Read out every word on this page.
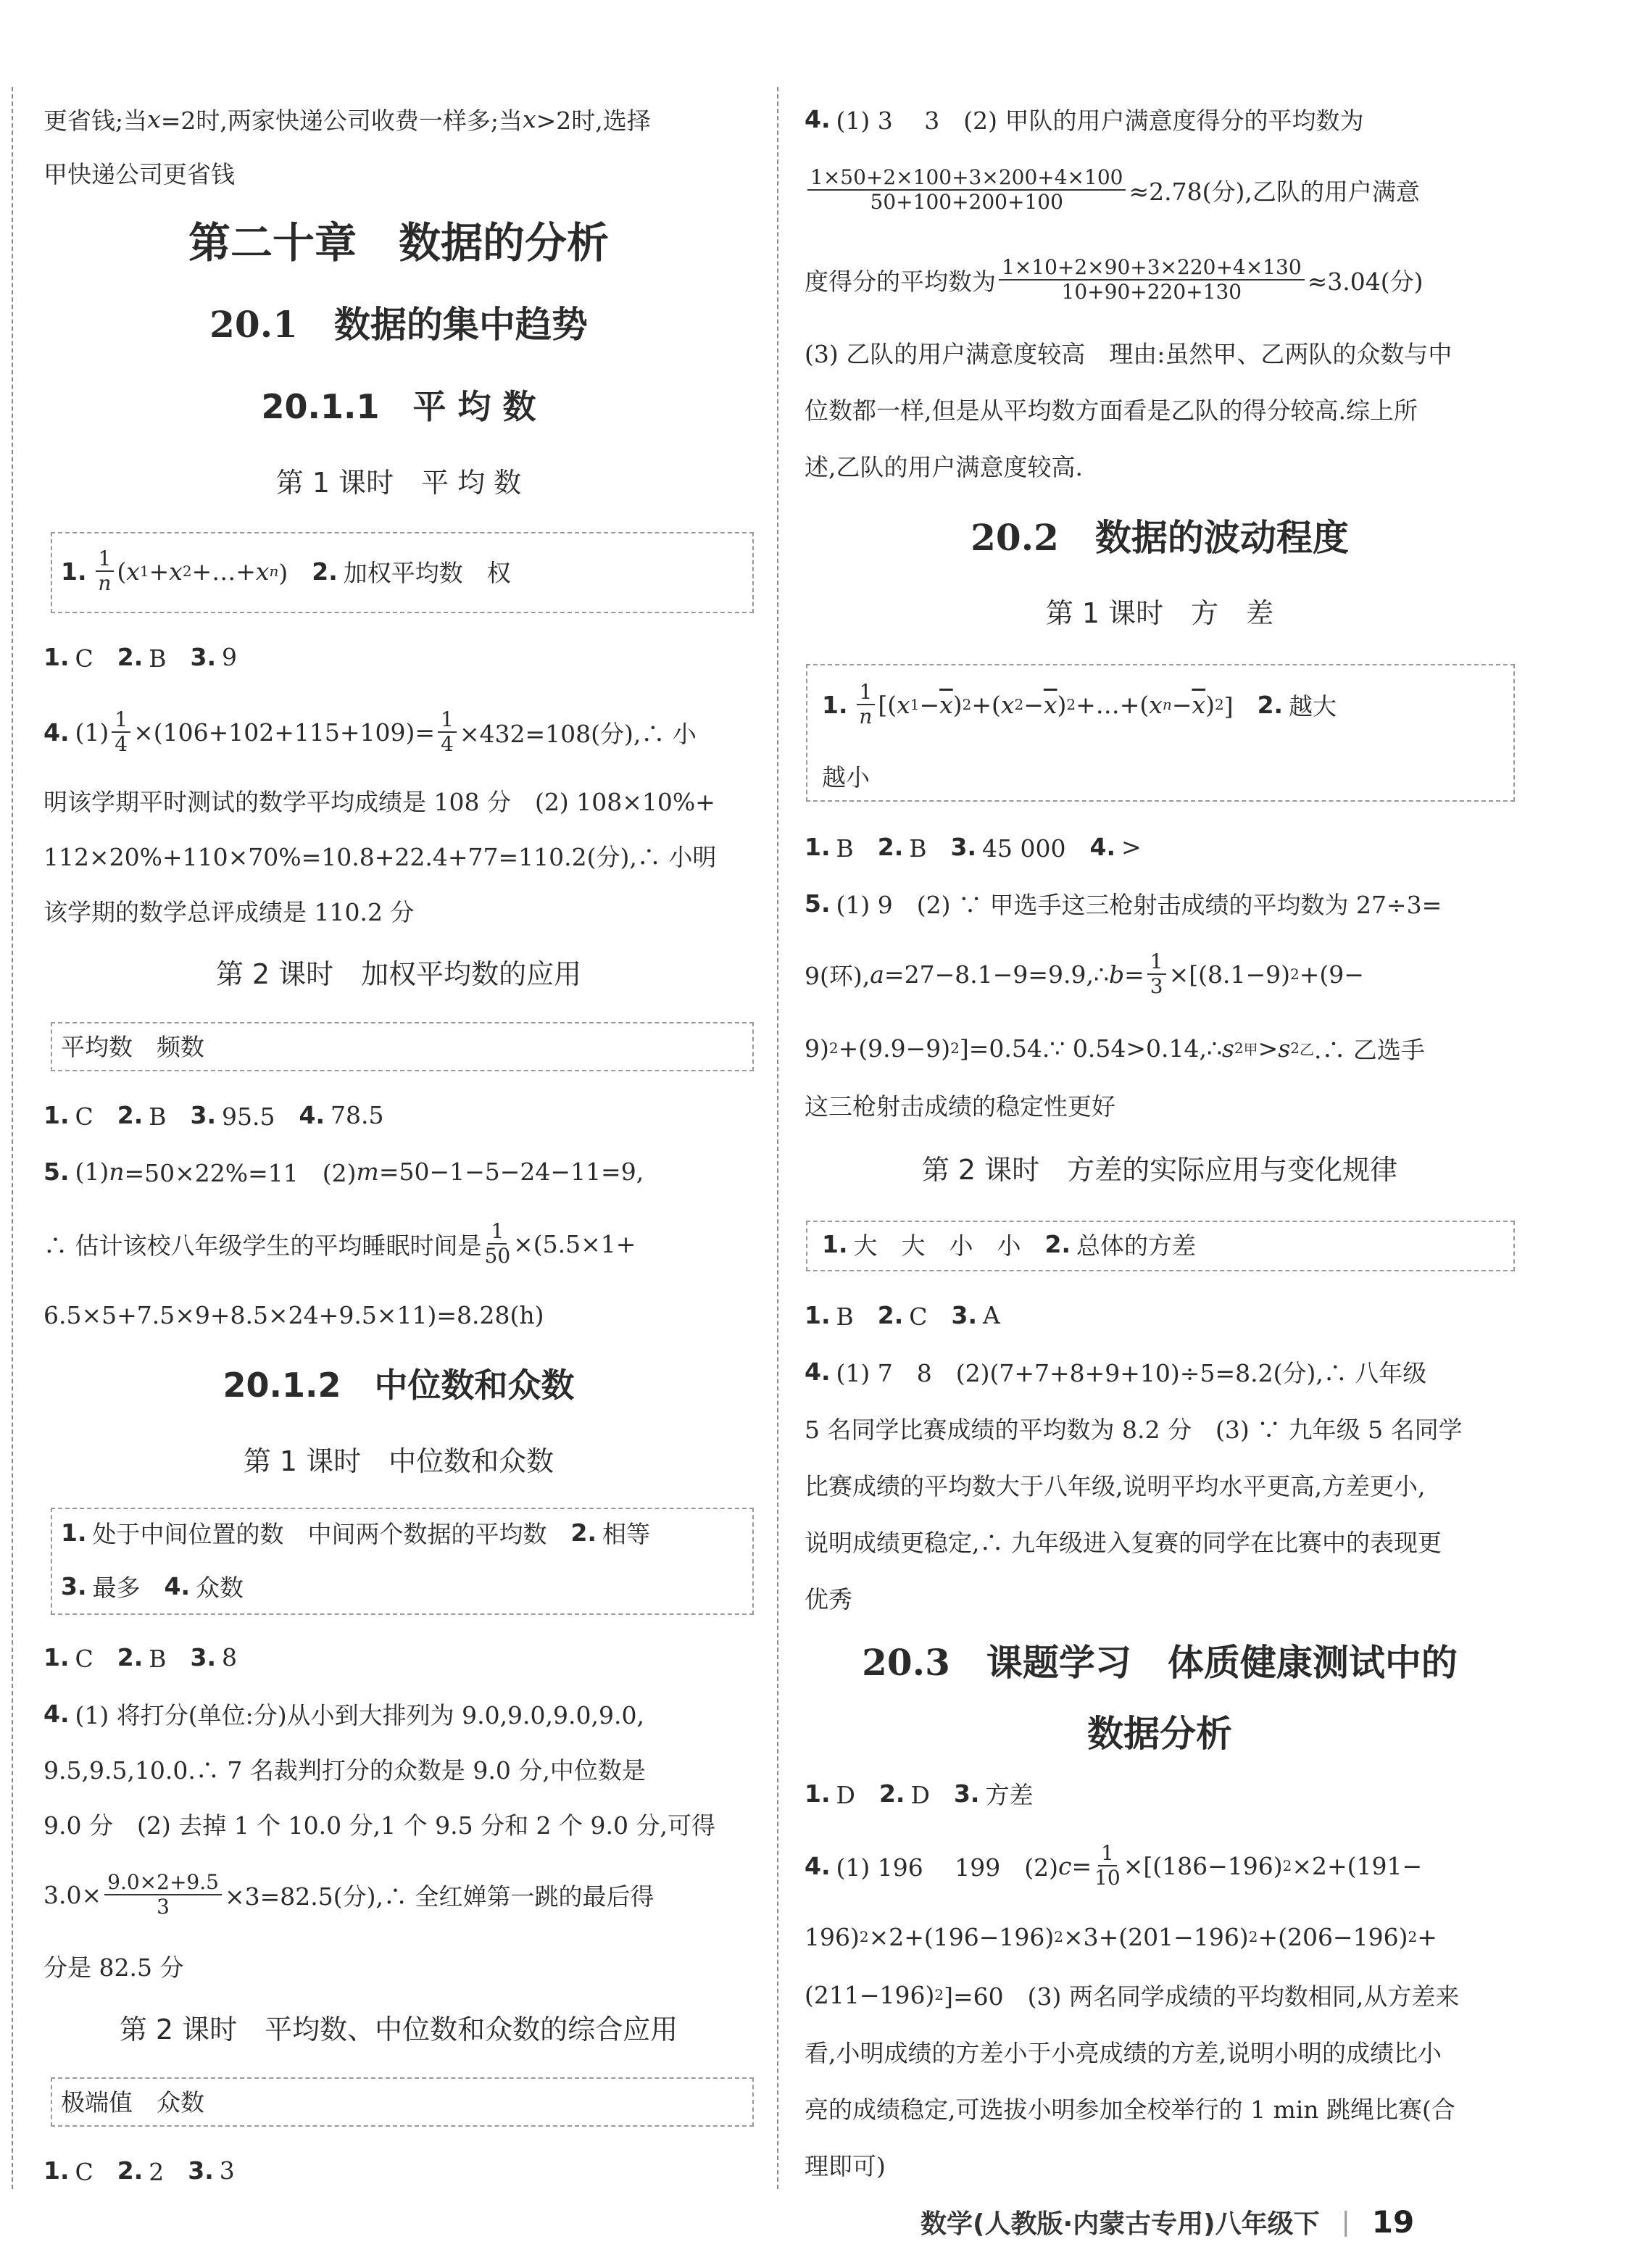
更省钱;当 x =2时,两家快递公司收费一样多;当 x >2时,选择
甲快递公司更省钱
第二十章　数据的分析
20.1　数据的集中趋势
20.1.1　平 均 数
第 1 课时　平 均 数
1. $\frac{1}{n}$ ( x 1 + x 2 +…+ x n )　 2. 加权平均数　权
1. C　 2. B　 3. 9
4. $(1) \frac{1}{4} \times(106+102+115+109)= \frac{1}{4} \times 432=108$(分),∴ 小
明该学期平时测试的数学平均成绩是 108 分　(2) 108×10%+
112×20%+110×70%=10.8+22.4+77=110.2(分),∴ 小明
该学期的数学总评成绩是 110.2 分
第 2 课时　加权平均数的应用
平均数　频数
1. C　 2. B　 3. 95.5　 4. 78.5
5. (1) n =50×22%=11　(2) m =50−1−5−24−11=9,
∴ 估计该校八年级学生的平均睡眠时间是 $\frac{1}{50} \times(5.5\times 1+$
6.5×5+7.5×9+8.5×24+9.5×11)=8.28(h)
20.1.2　中位数和众数
第 1 课时　中位数和众数
1. 处于中间位置的数　中间两个数据的平均数　 2. 相等
3. 最多　 4. 众数
1. C　 2. B　 3. 8
4. (1) 将打分(单位:分)从小到大排列为 9.0,9.0,9.0,9.0,
9.5,9.5,10.0.∴ 7 名裁判打分的众数是 9.0 分,中位数是
9.0 分　(2) 去掉 1 个 10.0 分,1 个 9.5 分和 2 个 9.0 分,可得
$3.0\times \frac{9.0\times 2+9.5}{3} \times 3=82.5$(分),∴ 全红婵第一跳的最后得
分是 82.5 分
第 2 课时　平均数、中位数和众数的综合应用
极端值　众数
1. C　 2. 2　 3. 3
4. (1) 3　 3　(2) 甲队的用户满意度得分的平均数为
$\frac{1\times 50+2\times 100+3\times 200+4\times 100}{50+100+200+100} \approx 2.78$(分),乙队的用户满意
度得分的平均数为 $\frac{1\times 10+2\times 90+3\times 220+4\times 130}{10+90+220+130} \approx 3.04$(分)
(3) 乙队的用户满意度较高　理由:虽然甲、乙两队的众数与中
位数都一样,但是从平均数方面看是乙队的得分较高.综上所
述,乙队的用户满意度较高.
20.2　数据的波动程度
第 1 课时　方　差
1. $\frac{1}{n}$ [( x $1 - \overline{x}$ ) 2 +( x $2 - \overline{x}$ ) 2 +…+( x $n - \overline{x}$ ) 2 ]　 2. 越大
越小
1. B　 2. B　 3. 45 000　 4. >
5. (1) 9　(2) ∵ 甲选手这三枪射击成绩的平均数为 27÷3=
9(环), a =27−8.1−9=9.9,∴ $b = \frac{1}{3} \times[(8.1-9)$ 2 +(9−
9) 2 +(9.9−9) 2 ]=0.54.∵ 0.54>0.14,∴ s 2 甲 > s 2 乙 .∴ 乙选手
这三枪射击成绩的稳定性更好
第 2 课时　方差的实际应用与变化规律
1. 大　大　小　小　 2. 总体的方差
1. B　 2. C　 3. A
4. (1) 7　8　(2)(7+7+8+9+10)÷5=8.2(分),∴ 八年级
5 名同学比赛成绩的平均数为 8.2 分　(3) ∵ 九年级 5 名同学
比赛成绩的平均数大于八年级,说明平均水平更高,方差更小,
说明成绩更稳定,∴ 九年级进入复赛的同学在比赛中的表现更
优秀
20.3　课题学习　体质健康测试中的
数据分析
1. D　 2. D　 3. 方差
4. (1) 196　 199　(2) $c = \frac{1}{10} \times[(186-196)$ 2 ×2+(191−
196) 2 ×2+(196−196) 2 ×3+(201−196) 2 +(206−196) 2 +
(211−196) 2 ]=60　(3) 两名同学成绩的平均数相同,从方差来
看,小明成绩的方差小于小亮成绩的方差,说明小明的成绩比小
亮的成绩稳定,可选拔小明参加全校举行的 1 min 跳绳比赛(合
理即可)
数学(人教版·内蒙古专用)八年级下 | 19
